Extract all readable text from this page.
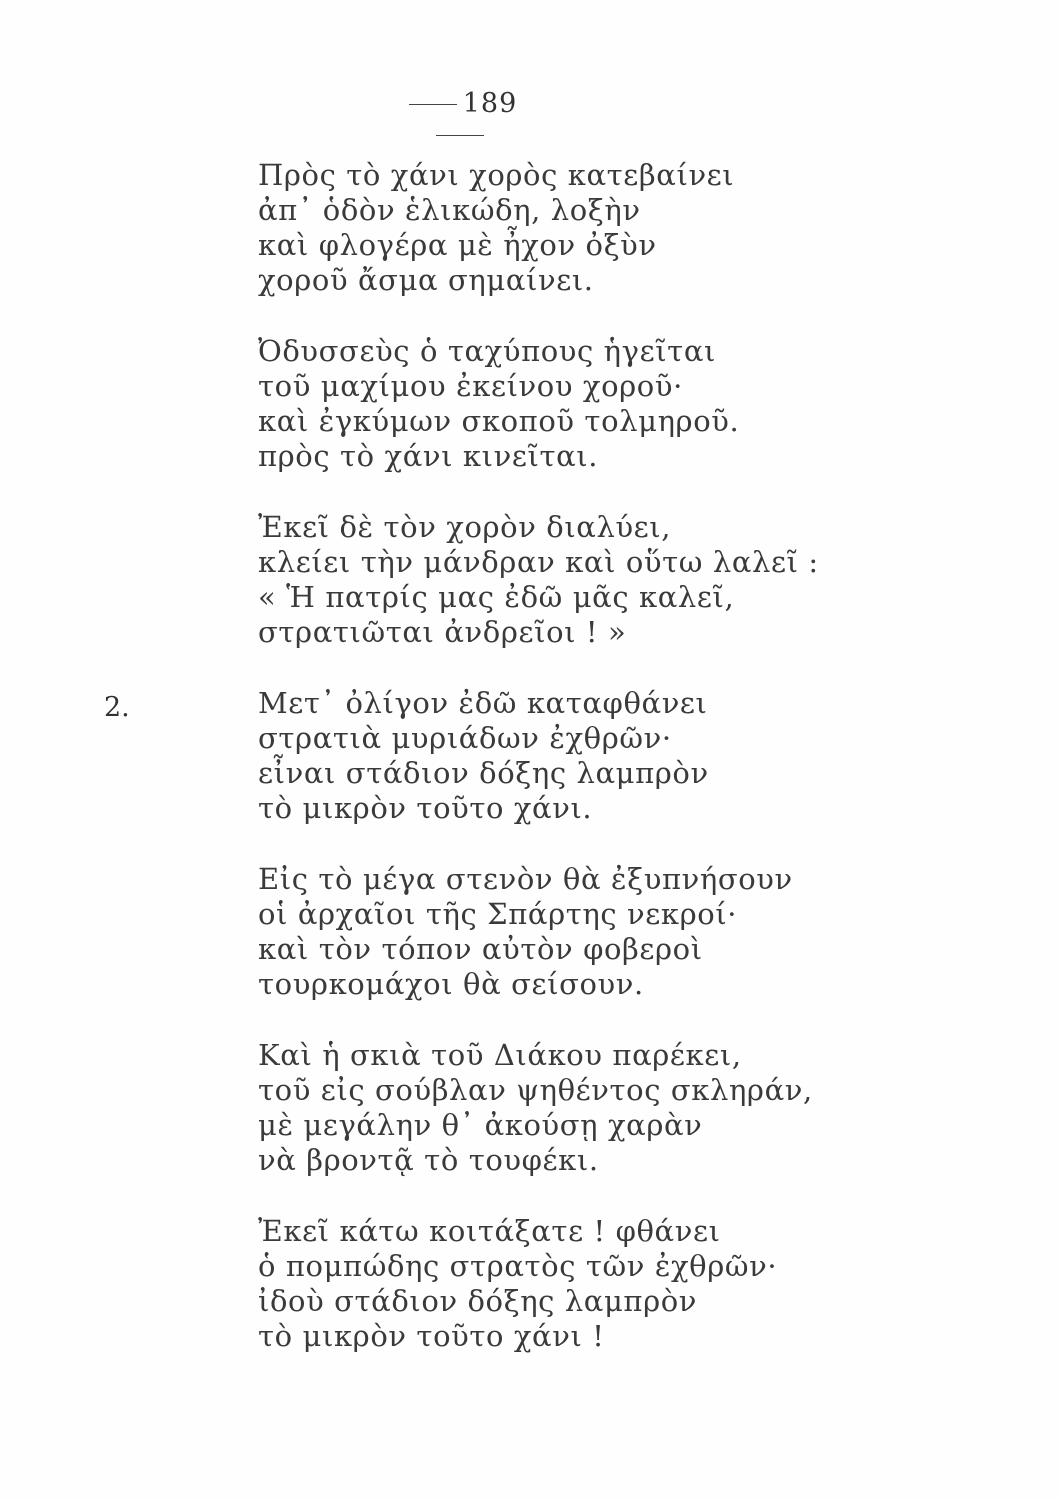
189
2.
Πρὸς τὸ χάνι χορὸς κατεβαίνει
ἀπ᾽ ὁδὸν ἑλικώδη, λοξὴν
καὶ φλογέρα μὲ ἦχον ὀξὺν
χοροῦ ἄσμα σημαίνει.
Ὀδυσσεὺς ὁ ταχύπους ἡγεῖται
τοῦ μαχίμου ἐκείνου χοροῦ·
καὶ ἐγκύμων σκοποῦ τολμηροῦ.
πρὸς τὸ χάνι κινεῖται.
Ἐκεῖ δὲ τὸν χορὸν διαλύει,
κλείει τὴν μάνδραν καὶ οὕτω λαλεῖ :
« Ἡ πατρίς μας ἐδῶ μᾶς καλεῖ,
στρατιῶται ἀνδρεῖοι ! »
Μετ᾽ ὀλίγον ἐδῶ καταφθάνει
στρατιὰ μυριάδων ἐχθρῶν·
εἶναι στάδιον δόξης λαμπρὸν
τὸ μικρὸν τοῦτο χάνι.
Εἰς τὸ μέγα στενὸν θὰ ἐξυπνήσουν
οἱ ἀρχαῖοι τῆς Σπάρτης νεκροί·
καὶ τὸν τόπον αὐτὸν φοβεροὶ
τουρκομάχοι θὰ σείσουν.
Καὶ ἡ σκιὰ τοῦ Διάκου παρέκει,
τοῦ εἰς σούβλαν ψηθέντος σκληράν,
μὲ μεγάλην θ᾽ ἀκούσῃ χαρὰν
νὰ βροντᾷ τὸ τουφέκι.
Ἐκεῖ κάτω κοιτάξατε ! φθάνει
ὁ πομπώδης στρατὸς τῶν ἐχθρῶν·
ἰδοὺ στάδιον δόξης λαμπρὸν
τὸ μικρὸν τοῦτο χάνι !
